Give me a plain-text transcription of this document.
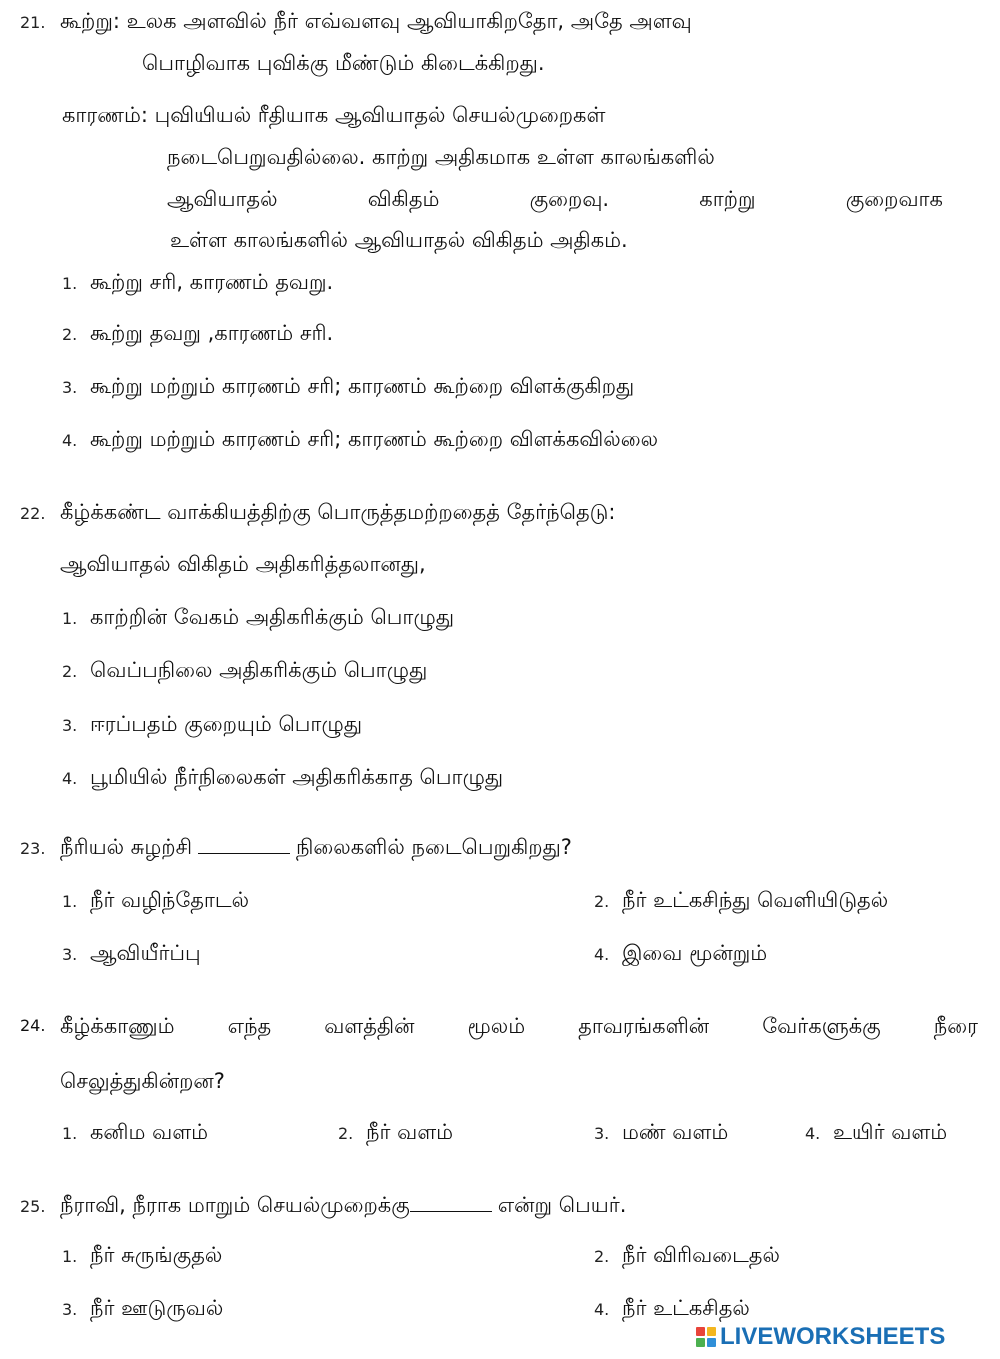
21. கூற்று: உலக அளவில் நீர் எவ்வளவு ஆவியாகிறதோ, அதே அளவு
பொழிவாக புவிக்கு மீண்டும் கிடைக்கிறது.
காரணம்: புவியியல் ரீதியாக ஆவியாதல் செயல்முறைகள்
நடைபெறுவதில்லை. காற்று அதிகமாக உள்ள காலங்களில்
ஆவியாதல்	விகிதம்	குறைவு.	காற்று	குறைவாக
உள்ள காலங்களில் ஆவியாதல் விகிதம் அதிகம்.
1. கூற்று சரி, காரணம் தவறு.
2. கூற்று தவறு ,காரணம் சரி.
3. கூற்று மற்றும் காரணம் சரி; காரணம் கூற்றை விளக்குகிறது
4. கூற்று மற்றும் காரணம் சரி; காரணம் கூற்றை விளக்கவில்லை
22. கீழ்க்கண்ட வாக்கியத்திற்கு பொருத்தமற்றதைத் தேர்ந்தெடு:
ஆவியாதல் விகிதம் அதிகரித்தலானது,
1. காற்றின் வேகம் அதிகரிக்கும் பொழுது
2. வெப்பநிலை அதிகரிக்கும் பொழுது
3. ஈரப்பதம் குறையும் பொழுது
4. பூமியில் நீர்நிலைகள் அதிகரிக்காத பொழுது
23. நீரியல் சுழற்சி	நிலைகளில் நடைபெறுகிறது?
1. நீர் வழிந்தோடல்	2. நீர் உட்கசிந்து வெளியிடுதல்
3. ஆவியீர்ப்பு	4. இவை மூன்றும்
24. கீழ்க்காணும்	எந்த	வளத்தின்	மூலம்	தாவரங்களின்	வேர்களுக்கு	நீரை
செலுத்துகின்றன?
1. கனிம வளம்	2. நீர் வளம்	3. மண் வளம்	4. உயிர் வளம்
25. நீராவி, நீராக மாறும் செயல்முறைக்கு	என்று பெயர்.
1. நீர் சுருங்குதல்	2. நீர் விரிவடைதல்
3. நீர் ஊடுருவல்	4. நீர் உட்கசிதல்
LIVEWORKSHEETS
